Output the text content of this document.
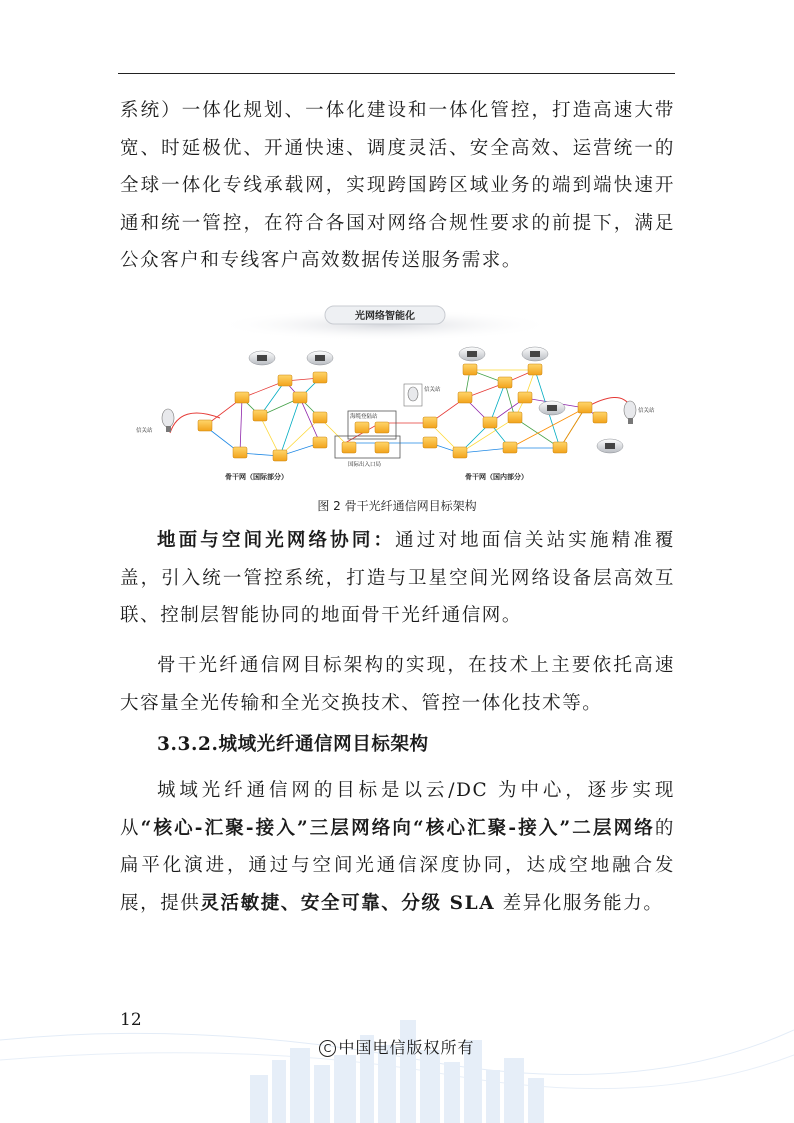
系统）一体化规划、一体化建设和一体化管控，打造高速大带宽、时延极优、开通快速、调度灵活、安全高效、运营统一的全球一体化专线承载网，实现跨国跨区域业务的端到端快速开通和统一管控，在符合各国对网络合规性要求的前提下，满足公众客户和专线客户高效数据传送服务需求。

光网络智能化
海缆登陆站
国际出入口局
信关站
信关站
信关站
骨干网（国际部分）	骨干网（国内部分）
图 2 骨干光纤通信网目标架构

地面与空间光网络协同：通过对地面信关站实施精准覆盖，引入统一管控系统，打造与卫星空间光网络设备层高效互联、控制层智能协同的地面骨干光纤通信网。

骨干光纤通信网目标架构的实现，在技术上主要依托高速大容量全光传输和全光交换技术、管控一体化技术等。

3.3.2.城域光纤通信网目标架构

城域光纤通信网的目标是以云/DC 为中心，逐步实现从“核心-汇聚-接入”三层网络向“核心汇聚-接入”二层网络的扁平化演进，通过与空间光通信深度协同，达成空地融合发展，提供灵活敏捷、安全可靠、分级 SLA 差异化服务能力。

12
C 中国电信版权所有
